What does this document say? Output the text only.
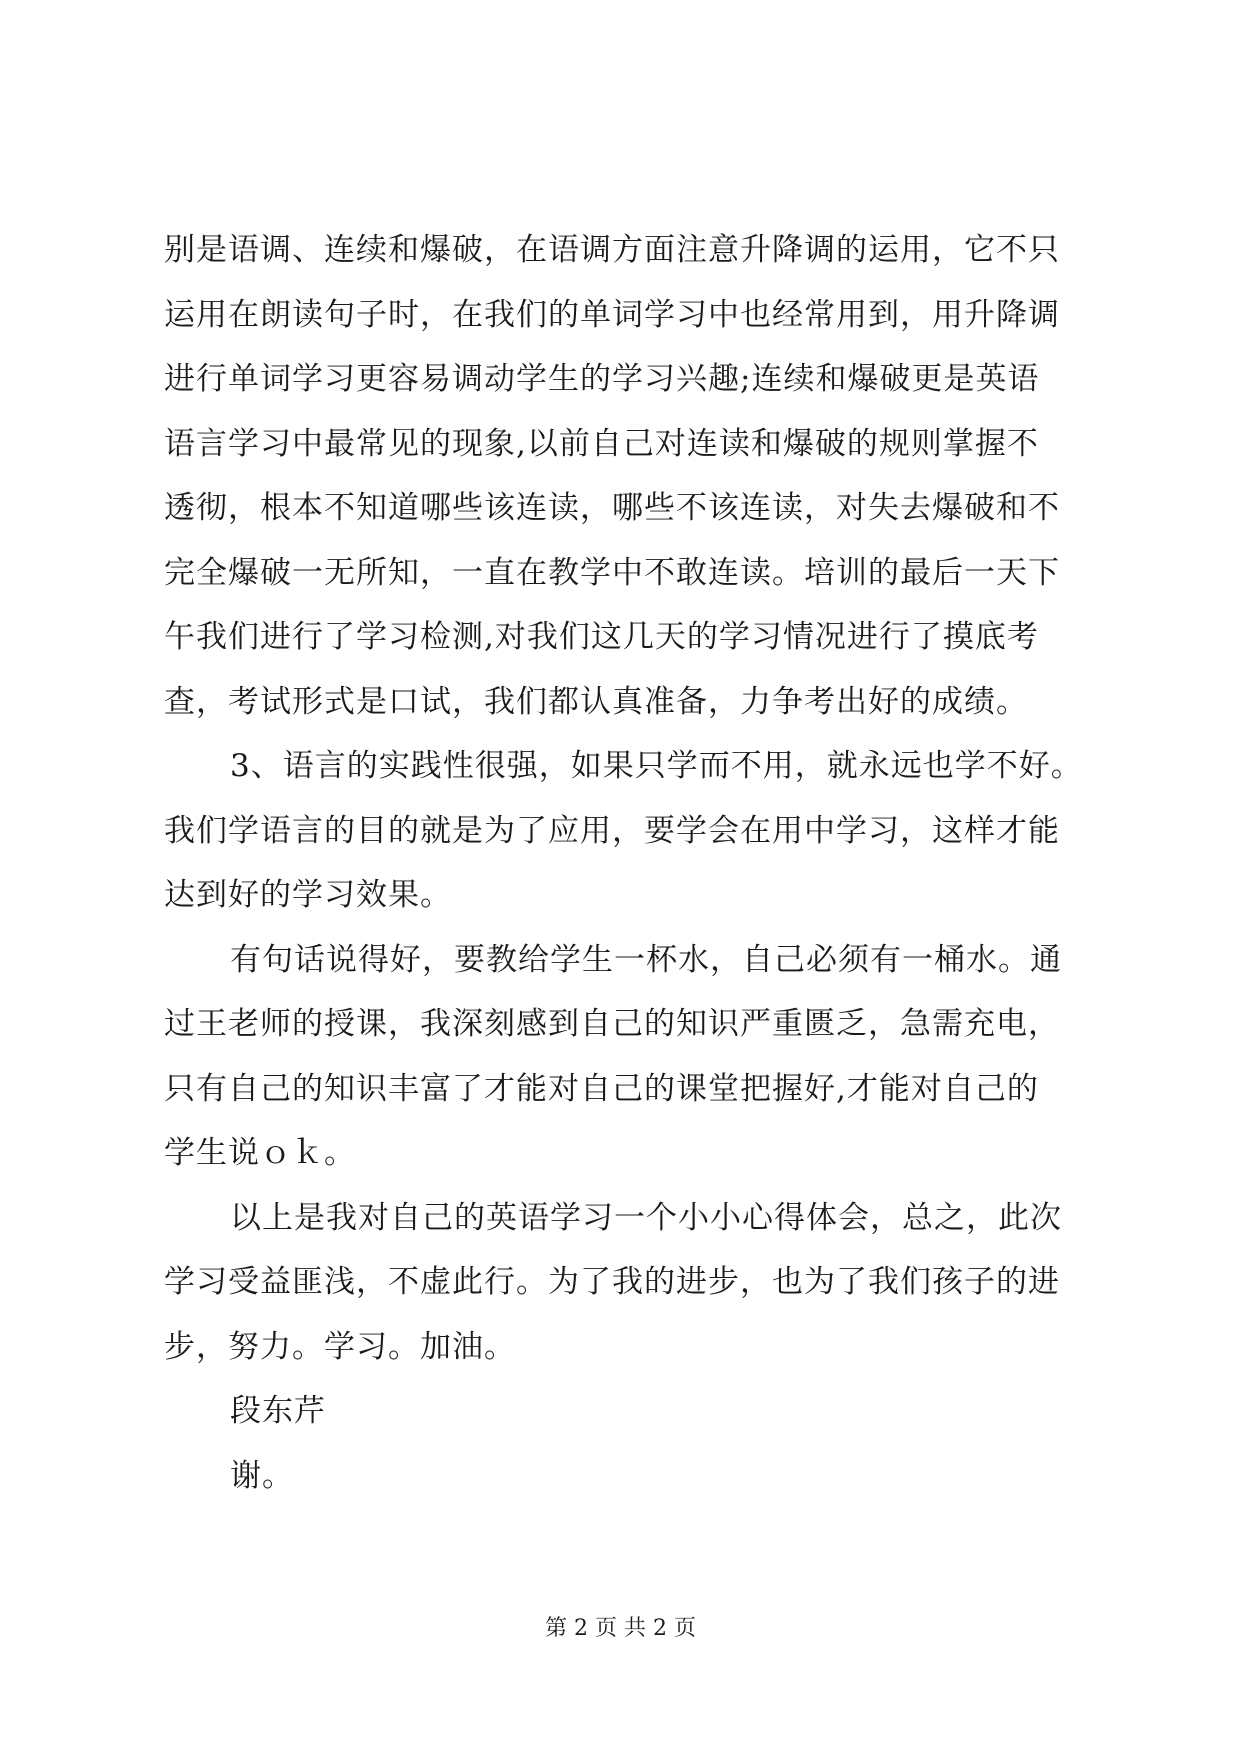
别是语调、连续和爆破，在语调方面注意升降调的运用，它不只
运用在朗读句子时，在我们的单词学习中也经常用到，用升降调
进行单词学习更容易调动学生的学习兴趣;连续和爆破更是英语
语言学习中最常见的现象,以前自己对连读和爆破的规则掌握不
透彻，根本不知道哪些该连读，哪些不该连读，对失去爆破和不
完全爆破一无所知，一直在教学中不敢连读。培训的最后一天下
午我们进行了学习检测,对我们这几天的学习情况进行了摸底考
查，考试形式是口试，我们都认真准备，力争考出好的成绩。
3、语言的实践性很强，如果只学而不用，就永远也学不好。
我们学语言的目的就是为了应用，要学会在用中学习，这样才能
达到好的学习效果。
有句话说得好，要教给学生一杯水，自己必须有一桶水。通
过王老师的授课，我深刻感到自己的知识严重匮乏，急需充电，
只有自己的知识丰富了才能对自己的课堂把握好,才能对自己的
学生说ｏｋ。
以上是我对自己的英语学习一个小小心得体会，总之，此次
学习受益匪浅，不虚此行。为了我的进步，也为了我们孩子的进
步，努力。学习。加油。
段东芹
谢。
第 2 页 共 2 页
